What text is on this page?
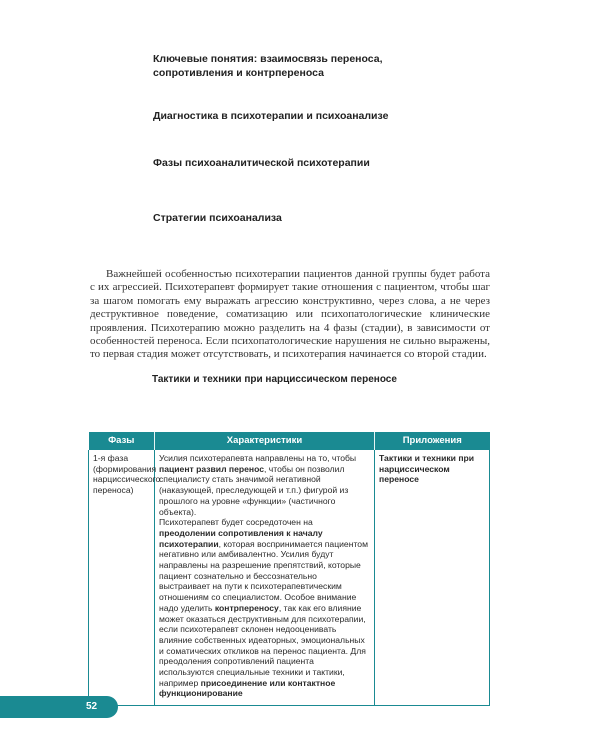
Ключевые понятия: взаимосвязь переноса, сопротивления и контрпереноса
Диагностика в психотерапии и психоанализе
Фазы психоаналитической психотерапии
Стратегии психоанализа

Важнейшей особенностью психотерапии пациентов данной группы будет работа с их агрессией. Психотерапевт формирует такие отношения с пациентом, чтобы шаг за шагом помогать ему выражать агрессию конструктивно, через слова, а не через деструктивное поведение, соматизацию или психопатологические клинические проявления. Психотерапию можно разделить на 4 фазы (стадии), в зависимости от особенностей переноса. Если психопатологические нарушения не сильно выражены, то первая стадия может отсутствовать, и психотерапия начинается со второй стадии.

Тактики и техники при нарциссическом переносе
Фазы	Характеристики	Приложения
1-я фаза (формирования нарциссического переноса)	Усилия психотерапевта направлены на то, чтобы пациент развил перенос, чтобы он позволил специалисту стать значимой негативной (наказующей, преследующей и т.п.) фигурой из прошлого на уровне «функции» (частичного объекта).
Психотерапевт будет сосредоточен на преодолении сопротивления к началу психотерапии, которая воспринимается пациентом негативно или амбивалентно. Усилия будут направлены на разрешение препятствий, которые пациент сознательно и бессознательно выстраивает на пути к психотерапевтическим отношениям со специалистом. Особое внимание надо уделить контрпереносу, так как его влияние может оказаться деструктивным для психотерапии, если психотерапевт склонен недооценивать влияние собственных идеаторных, эмоциональных и соматических откликов на перенос пациента. Для преодоления сопротивлений пациента используются специальные техники и тактики, например присоединение или контактное функционирование	Тактики и техники при нарциссическом переносе
52
